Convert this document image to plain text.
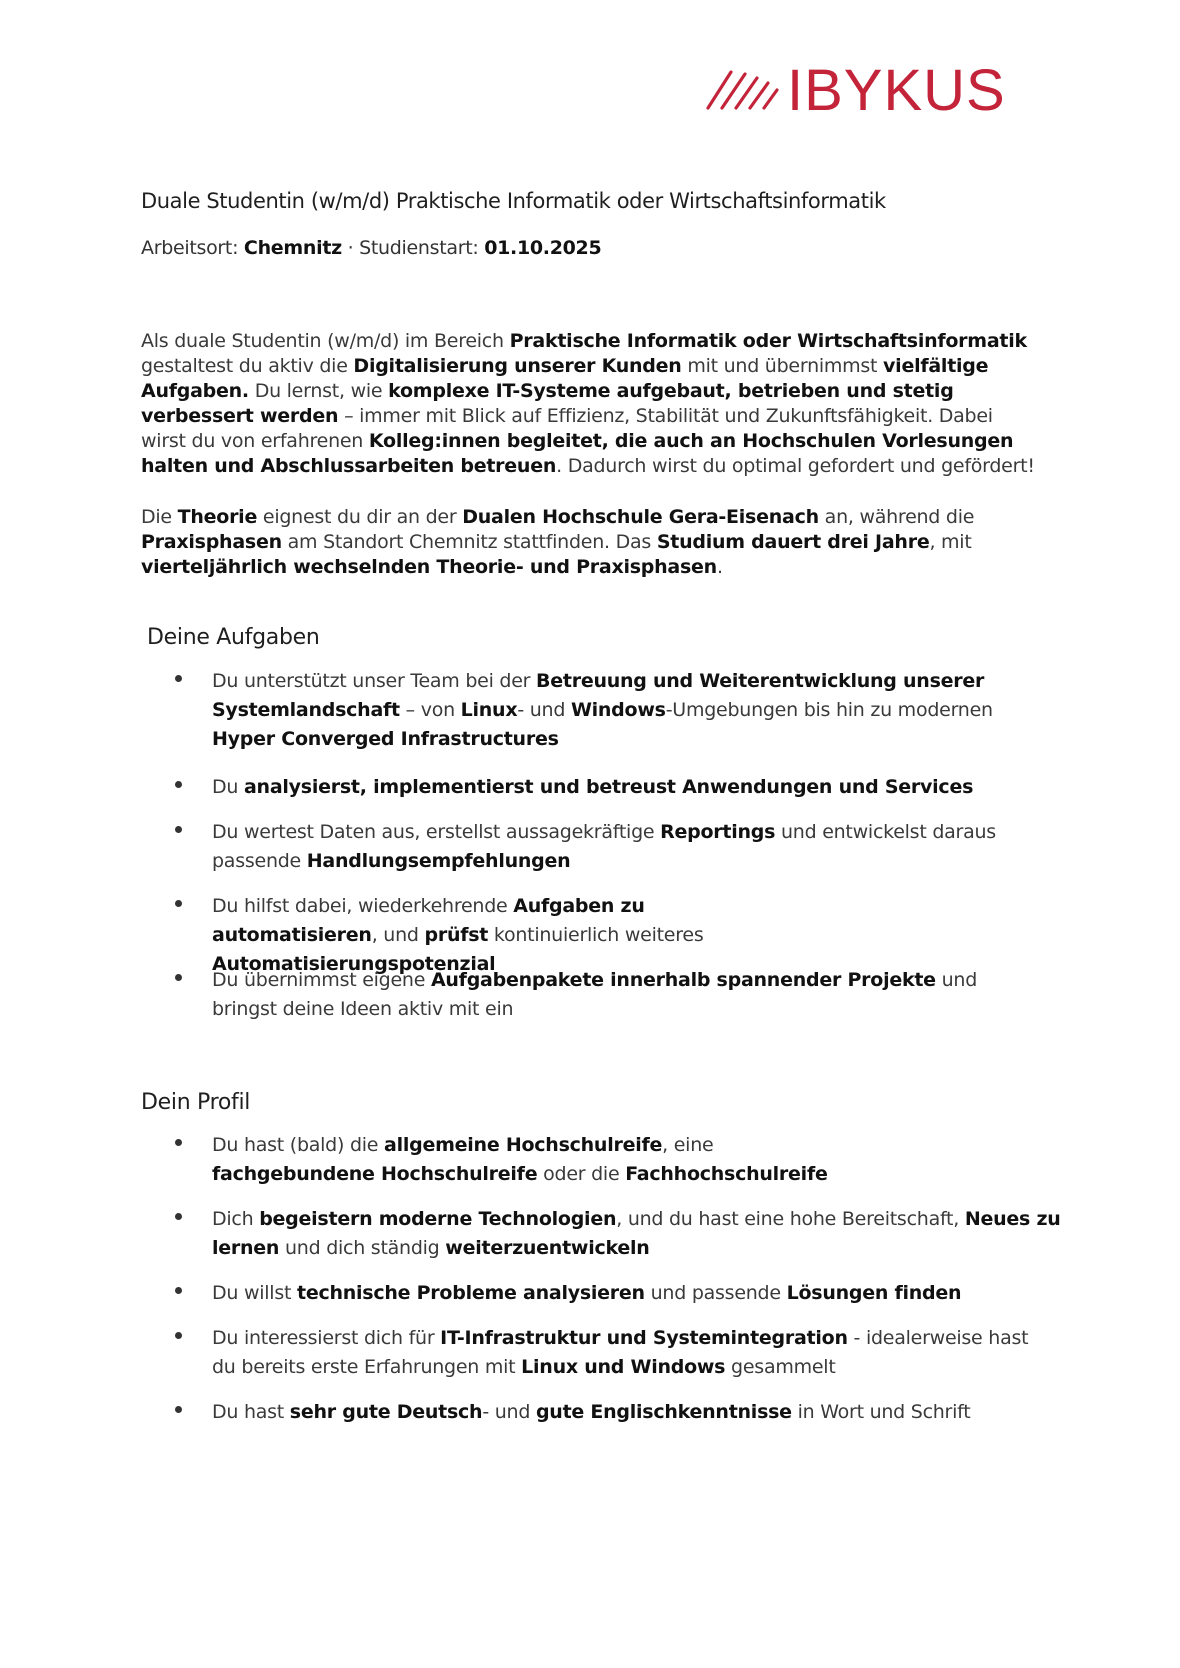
IBYKUS
Duale Studentin (w/m/d) Praktische Informatik oder Wirtschaftsinformatik

Arbeitsort: Chemnitz · Studienstart: 01.10.2025

Als duale Studentin (w/m/d) im Bereich Praktische Informatik oder Wirtschaftsinformatik gestaltest du aktiv die Digitalisierung unserer Kunden mit und übernimmst vielfältige Aufgaben. Du lernst, wie komplexe IT-Systeme aufgebaut, betrieben und stetig verbessert werden – immer mit Blick auf Effizienz, Stabilität und Zukunftsfähigkeit. Dabei wirst du von erfahrenen Kolleg:innen begleitet, die auch an Hochschulen Vorlesungen halten und Abschlussarbeiten betreuen. Dadurch wirst du optimal gefordert und gefördert!

Die Theorie eignest du dir an der Dualen Hochschule Gera-Eisenach an, während die Praxisphasen am Standort Chemnitz stattfinden. Das Studium dauert drei Jahre, mit vierteljährlich wechselnden Theorie- und Praxisphasen.

Deine Aufgaben

Du unterstützt unser Team bei der Betreuung und Weiterentwicklung unserer Systemlandschaft – von Linux- und Windows-Umgebungen bis hin zu modernen Hyper Converged Infrastructures

Du analysierst, implementierst und betreust Anwendungen und Services

Du wertest Daten aus, erstellst aussagekräftige Reportings und entwickelst daraus passende Handlungsempfehlungen

Du hilfst dabei, wiederkehrende Aufgaben zu automatisieren, und prüfst kontinuierlich weiteres Automatisierungspotenzial

Du übernimmst eigene Aufgabenpakete innerhalb spannender Projekte und bringst deine Ideen aktiv mit ein

Dein Profil

Du hast (bald) die allgemeine Hochschulreife, eine fachgebundene Hochschulreife oder die Fachhochschulreife

Dich begeistern moderne Technologien, und du hast eine hohe Bereitschaft, Neues zu lernen und dich ständig weiterzuentwickeln

Du willst technische Probleme analysieren und passende Lösungen finden

Du interessierst dich für IT-Infrastruktur und Systemintegration - idealerweise hast du bereits erste Erfahrungen mit Linux und Windows gesammelt

Du hast sehr gute Deutsch- und gute Englischkenntnisse in Wort und Schrift
